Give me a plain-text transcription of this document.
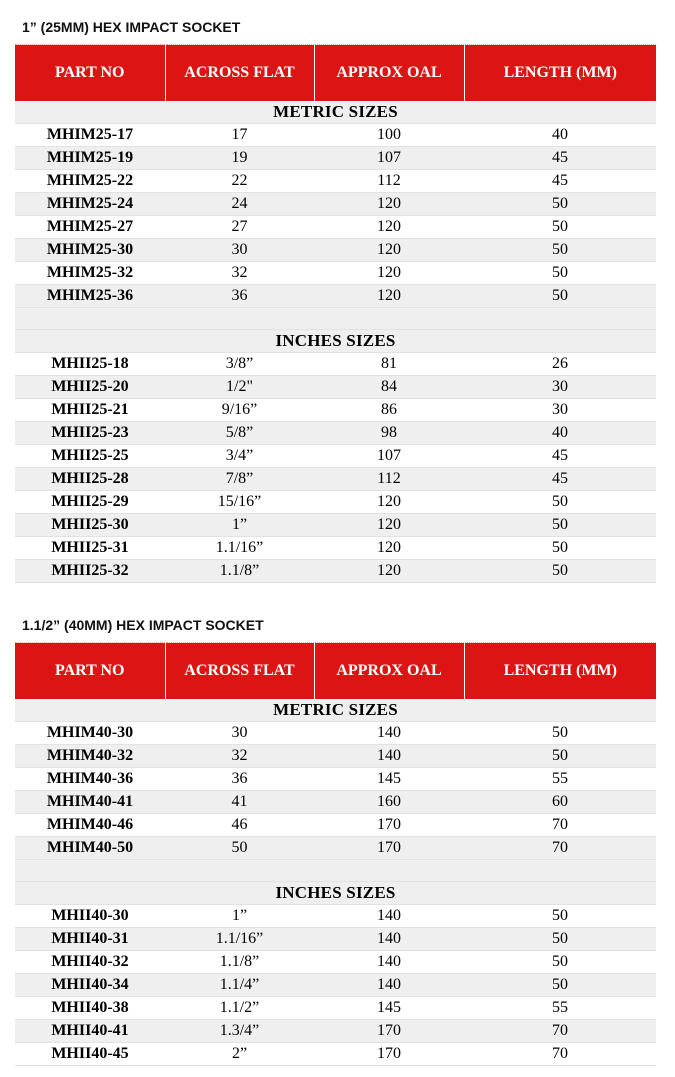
1” (25MM) HEX IMPACT SOCKET
PART NO	ACROSS FLAT	APPROX OAL	LENGTH (MM)
METRIC SIZES			
MHIM25-17	17	100	40
MHIM25-19	19	107	45
MHIM25-22	22	112	45
MHIM25-24	24	120	50
MHIM25-27	27	120	50
MHIM25-30	30	120	50
MHIM25-32	32	120	50
MHIM25-36	36	120	50

INCHES SIZES			
MHII25-18	3/8”	81	26
MHII25-20	1/2"	84	30
MHII25-21	9/16”	86	30
MHII25-23	5/8”	98	40
MHII25-25	3/4”	107	45
MHII25-28	7/8”	112	45
MHII25-29	15/16”	120	50
MHII25-30	1”	120	50
MHII25-31	1.1/16”	120	50
MHII25-32	1.1/8”	120	50
1.1/2” (40MM) HEX IMPACT SOCKET
PART NO	ACROSS FLAT	APPROX OAL	LENGTH (MM)
METRIC SIZES			
MHIM40-30	30	140	50
MHIM40-32	32	140	50
MHIM40-36	36	145	55
MHIM40-41	41	160	60
MHIM40-46	46	170	70
MHIM40-50	50	170	70

INCHES SIZES			
MHII40-30	1”	140	50
MHII40-31	1.1/16”	140	50
MHII40-32	1.1/8”	140	50
MHII40-34	1.1/4”	140	50
MHII40-38	1.1/2”	145	55
MHII40-41	1.3/4”	170	70
MHII40-45	2”	170	70
